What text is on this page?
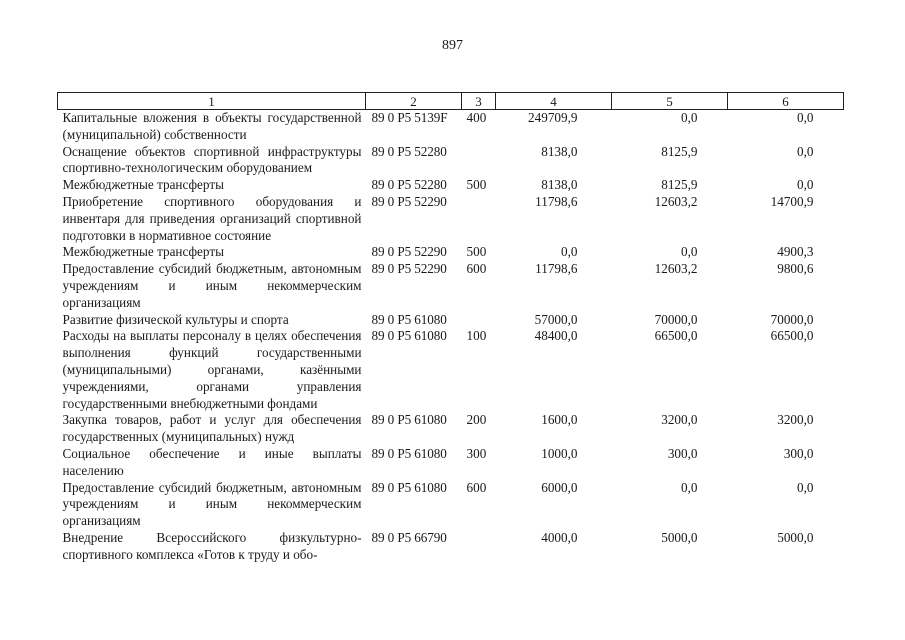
897
1	2	3	4	5	6
Капитальные вложения в объекты государственной (муниципальной) собственности	89 0 P5 5139F	400	249709,9	0,0	0,0
Оснащение объектов спортивной инфраструктуры спортивно-технологическим оборудованием	89 0 P5 52280		8138,0	8125,9	0,0
Межбюджетные трансферты	89 0 P5 52280	500	8138,0	8125,9	0,0
Приобретение спортивного оборудования и инвентаря для приведения организаций спортивной подготовки в нормативное состояние	89 0 P5 52290		11798,6	12603,2	14700,9
Межбюджетные трансферты	89 0 P5 52290	500	0,0	0,0	4900,3
Предоставление субсидий бюджетным, автономным учреждениям и иным некоммерческим организациям	89 0 P5 52290	600	11798,6	12603,2	9800,6
Развитие физической культуры и спорта	89 0 P5 61080		57000,0	70000,0	70000,0
Расходы на выплаты персоналу в целях обеспечения выполнения функций государственными (муниципальными) органами, казёнными учреждениями, органами управления государственными внебюджетными фондами	89 0 P5 61080	100	48400,0	66500,0	66500,0
Закупка товаров, работ и услуг для обеспечения государственных (муниципальных) нужд	89 0 P5 61080	200	1600,0	3200,0	3200,0
Социальное обеспечение и иные выплаты населению	89 0 P5 61080	300	1000,0	300,0	300,0
Предоставление субсидий бюджетным, автономным учреждениям и иным некоммерческим организациям	89 0 P5 61080	600	6000,0	0,0	0,0
Внедрение Всероссийского физкультурно-спортивного комплекса «Готов к труду и обо-	89 0 P5 66790		4000,0	5000,0	5000,0
